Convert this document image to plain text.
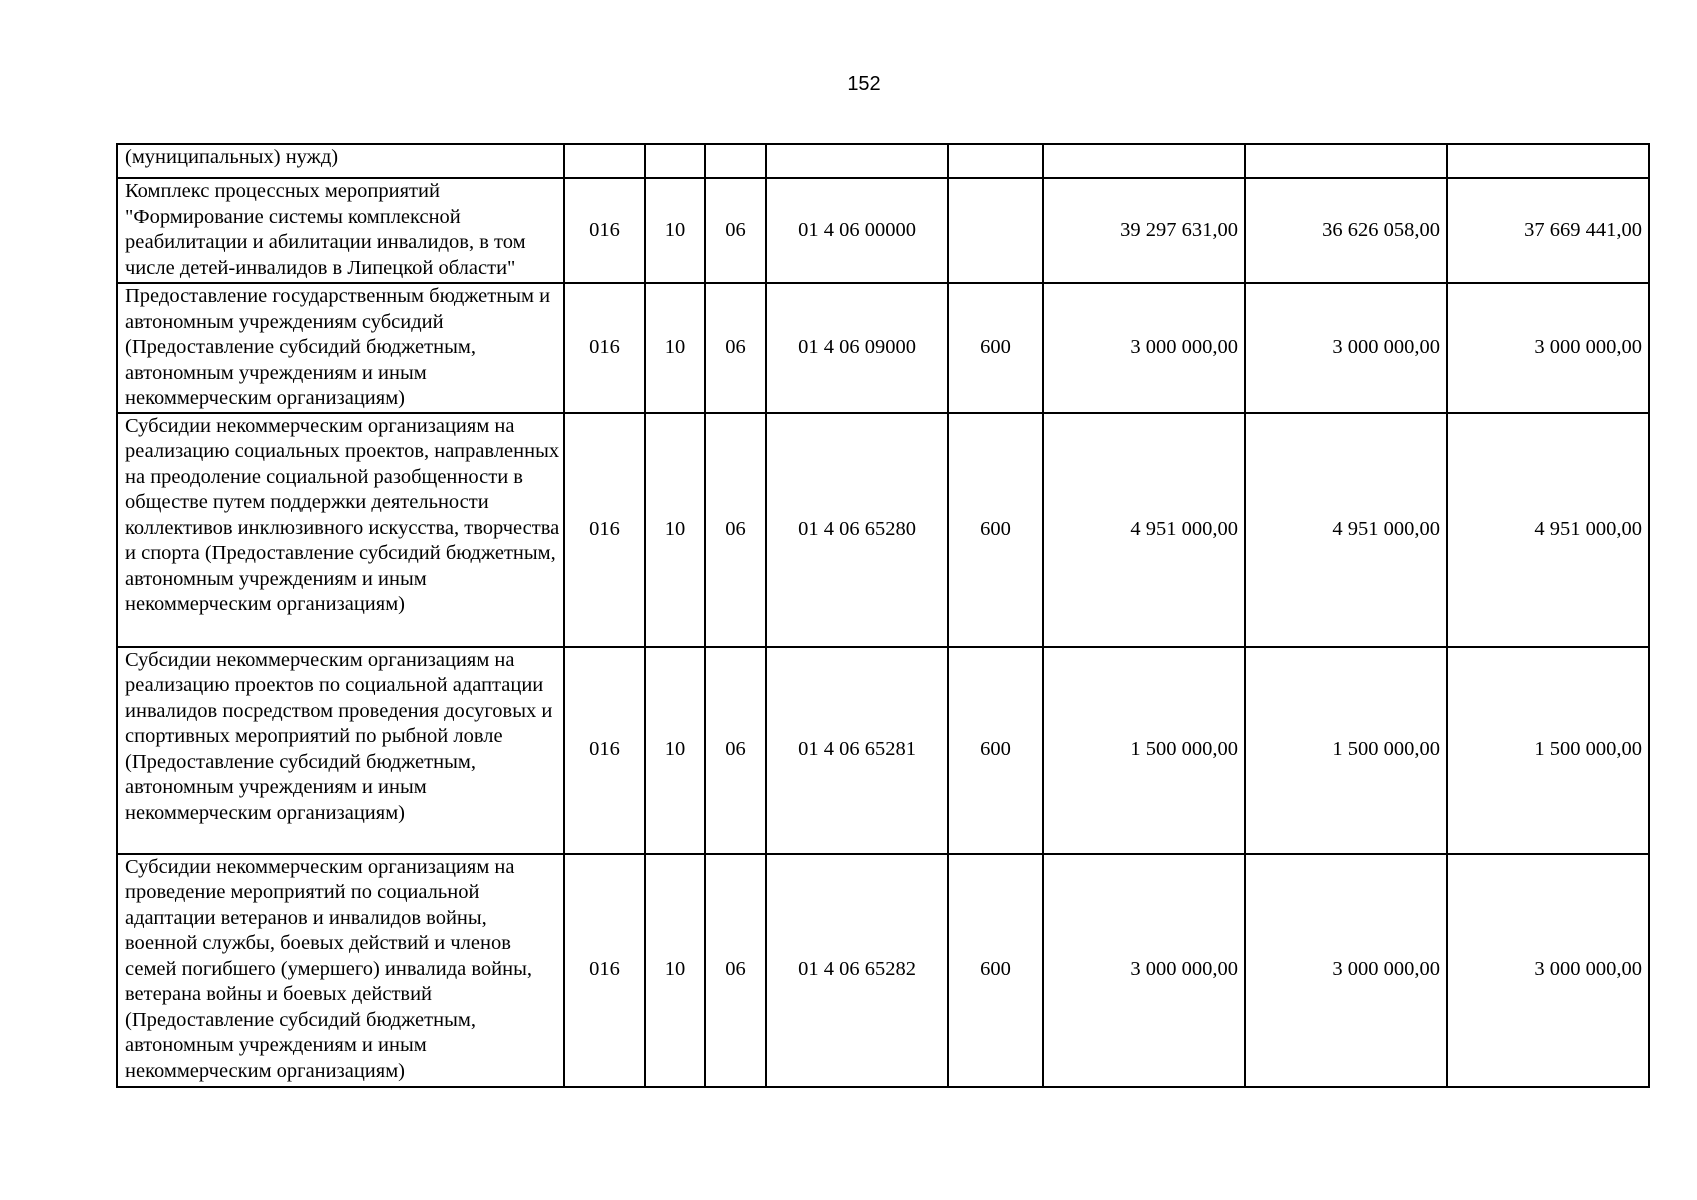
152
(муниципальных) нужд)								
Комплекс процессных мероприятий "Формирование системы комплексной реабилитации и абилитации инвалидов, в том числе детей-инвалидов в Липецкой области"	016	10	06	01 4 06 00000		39 297 631,00	36 626 058,00	37 669 441,00
Предоставление государственным бюджетным и автономным учреждениям субсидий (Предоставление субсидий бюджетным, автономным учреждениям и иным некоммерческим организациям)	016	10	06	01 4 06 09000	600	3 000 000,00	3 000 000,00	3 000 000,00
Субсидии некоммерческим организациям на реализацию социальных проектов, направленных на преодоление социальной разобщенности в обществе путем поддержки деятельности коллективов инклюзивного искусства, творчества и спорта (Предоставление субсидий бюджетным, автономным учреждениям и иным некоммерческим организациям)	016	10	06	01 4 06 65280	600	4 951 000,00	4 951 000,00	4 951 000,00
Субсидии некоммерческим организациям на реализацию проектов по социальной адаптации инвалидов посредством проведения досуговых и спортивных мероприятий по рыбной ловле (Предоставление субсидий бюджетным, автономным учреждениям и иным некоммерческим организациям)	016	10	06	01 4 06 65281	600	1 500 000,00	1 500 000,00	1 500 000,00
Субсидии некоммерческим организациям на проведение мероприятий по социальной адаптации ветеранов и инвалидов войны, военной службы, боевых действий и членов семей погибшего (умершего) инвалида войны, ветерана войны и боевых действий (Предоставление субсидий бюджетным, автономным учреждениям и иным некоммерческим организациям)	016	10	06	01 4 06 65282	600	3 000 000,00	3 000 000,00	3 000 000,00
